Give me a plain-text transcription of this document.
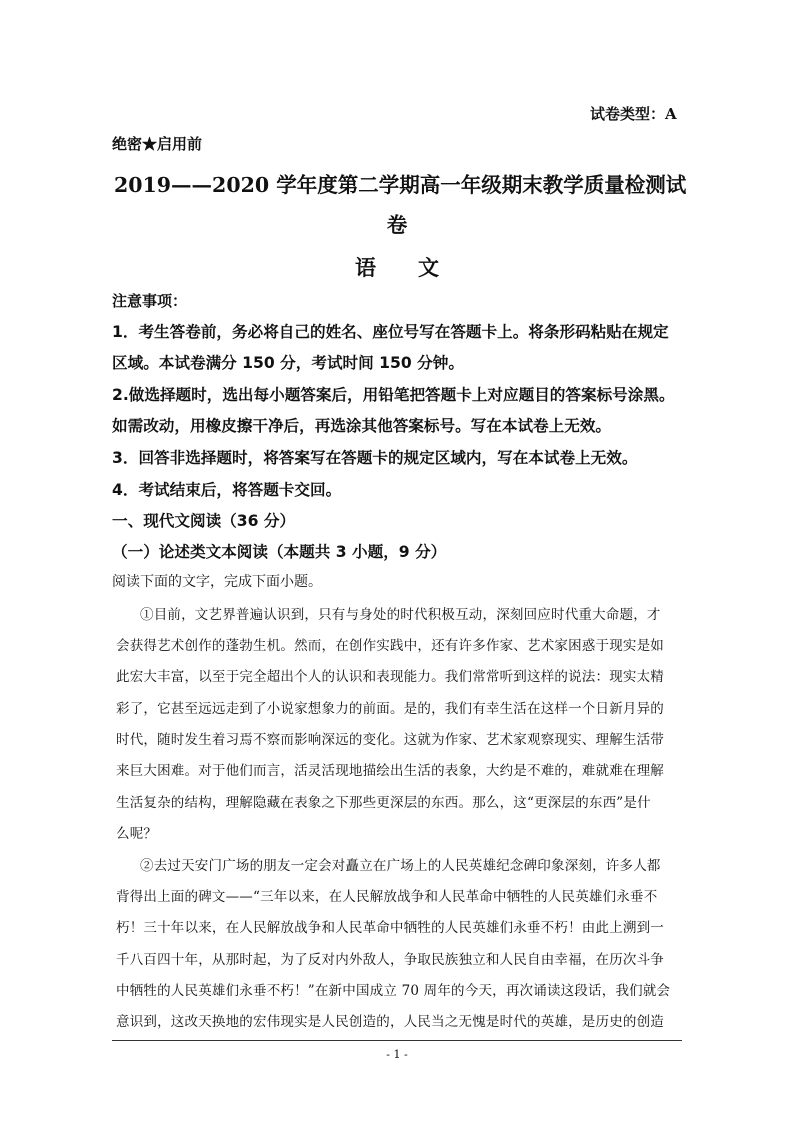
试卷类型：A
绝密★启用前
2019——2020 学年度第二学期高一年级期末教学质量检测试
卷
语　　文
注意事项：
1．考生答卷前，务必将自己的姓名、座位号写在答题卡上。将条形码粘贴在规定
区域。本试卷满分 150 分，考试时间 150 分钟。
2.做选择题时，选出每小题答案后，用铅笔把答题卡上对应题目的答案标号涂黑。
如需改动，用橡皮擦干净后，再选涂其他答案标号。写在本试卷上无效。
3．回答非选择题时，将答案写在答题卡的规定区域内，写在本试卷上无效。
4．考试结束后，将答题卡交回。
一、现代文阅读（36 分）
（一）论述类文本阅读（本题共 3 小题，9 分）
阅读下面的文字，完成下面小题。
①目前，文艺界普遍认识到，只有与身处的时代积极互动，深刻回应时代重大命题，才
会获得艺术创作的蓬勃生机。然而，在创作实践中，还有许多作家、艺术家困惑于现实是如
此宏大丰富，以至于完全超出个人的认识和表现能力。我们常常听到这样的说法：现实太精
彩了，它甚至远远走到了小说家想象力的前面。是的，我们有幸生活在这样一个日新月异的
时代，随时发生着习焉不察而影响深远的变化。这就为作家、艺术家观察现实、理解生活带
来巨大困难。对于他们而言，活灵活现地描绘出生活的表象，大约是不难的，难就难在理解
生活复杂的结构，理解隐藏在表象之下那些更深层的东西。那么，这“更深层的东西”是什
么呢？
②去过天安门广场的朋友一定会对矗立在广场上的人民英雄纪念碑印象深刻，许多人都
背得出上面的碑文——“三年以来，在人民解放战争和人民革命中牺牲的人民英雄们永垂不
朽！三十年以来，在人民解放战争和人民革命中牺牲的人民英雄们永垂不朽！由此上溯到一
千八百四十年，从那时起，为了反对内外敌人，争取民族独立和人民自由幸福，在历次斗争
中牺牲的人民英雄们永垂不朽！”在新中国成立 70 周年的今天，再次诵读这段话，我们就会
意识到，这改天换地的宏伟现实是人民创造的，人民当之无愧是时代的英雄，是历史的创造
- 1 -
